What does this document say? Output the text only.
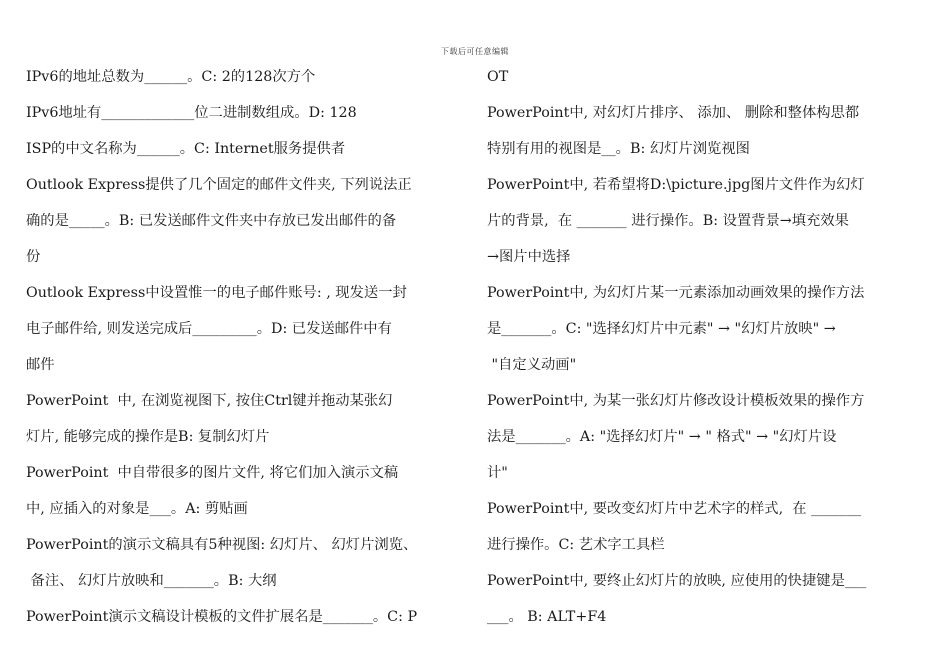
下载后可任意编辑
IPv6的地址总数为______。C: 2的128次方个
IPv6地址有_____________位二进制数组成。D: 128
ISP的中文名称为______。C: Internet服务提供者
Outlook Express提供了几个固定的邮件文件夹, 下列说法正
确的是_____。B: 已发送邮件文件夹中存放已发出邮件的备
份
Outlook Express中设置惟一的电子邮件账号: , 现发送一封
电子邮件给, 则发送完成后_________。D: 已发送邮件中有
邮件
PowerPoint  中, 在浏览视图下, 按住Ctrl键并拖动某张幻
灯片, 能够完成的操作是B: 复制幻灯片
PowerPoint  中自带很多的图片文件, 将它们加入演示文稿
中, 应插入的对象是___。A: 剪贴画
PowerPoint的演示文稿具有5种视图: 幻灯片、 幻灯片浏览、
备注、 幻灯片放映和_______。B: 大纲
PowerPoint演示文稿设计模板的文件扩展名是_______。C: P
OT
PowerPoint中, 对幻灯片排序、 添加、 删除和整体构思都
特别有用的视图是__。B: 幻灯片浏览视图
PowerPoint中, 若希望将D:\picture.jpg图片文件作为幻灯
片的背景,  在 _______ 进行操作。B: 设置背景→填充效果
→图片中选择
PowerPoint中, 为幻灯片某一元素添加动画效果的操作方法
是_______。C: "选择幻灯片中元素" → "幻灯片放映" →
"自定义动画"
PowerPoint中, 为某一张幻灯片修改设计模板效果的操作方
法是_______。A: "选择幻灯片" → " 格式" → "幻灯片设
计"
PowerPoint中, 要改变幻灯片中艺术字的样式,  在 _______
进行操作。C: 艺术字工具栏
PowerPoint中, 要终止幻灯片的放映, 应使用的快捷键是___
___。 B: ALT+F4
